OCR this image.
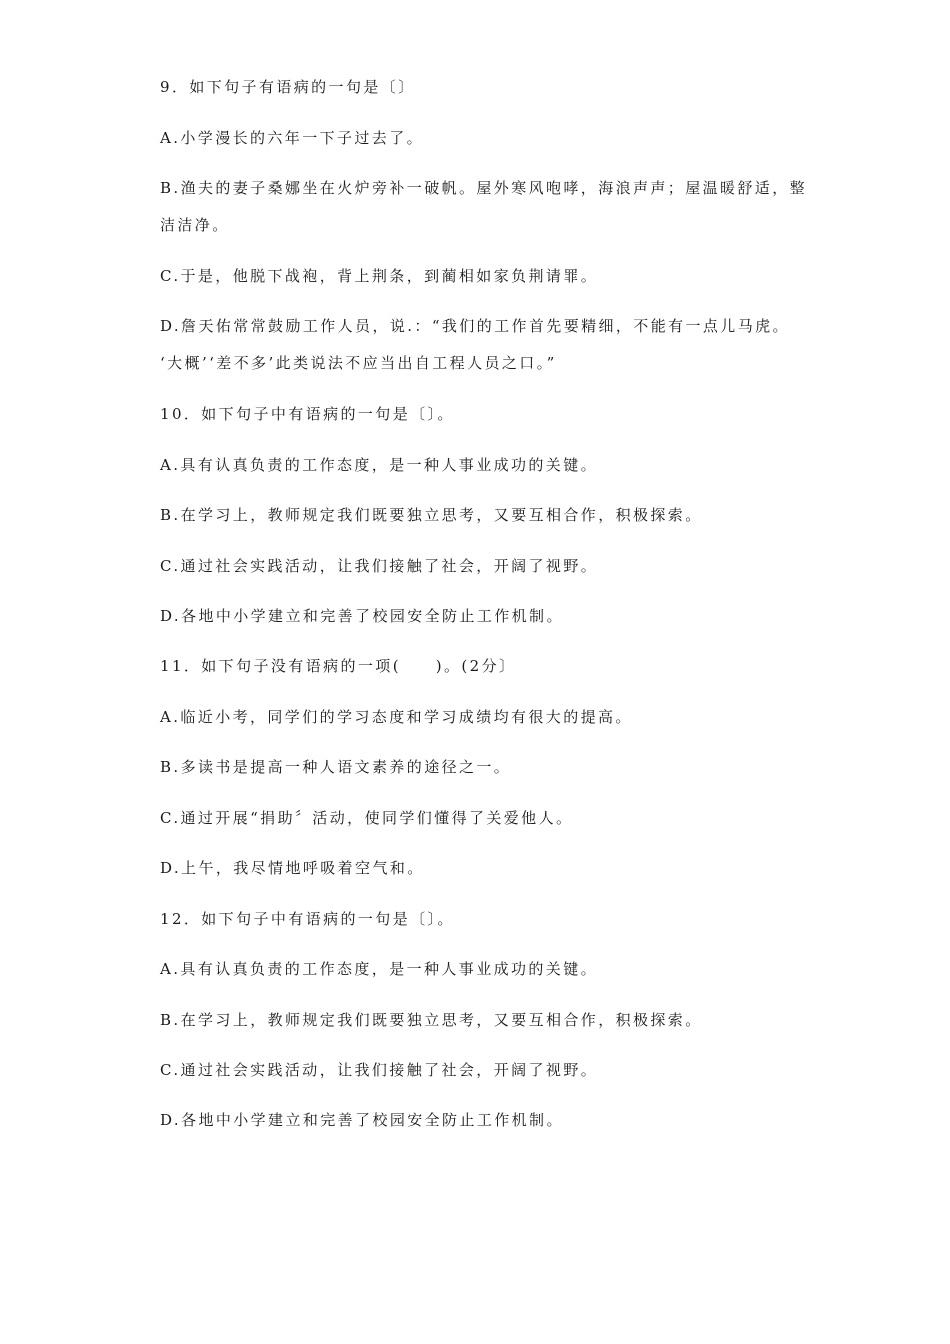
9．如下句子有语病的一句是〔〕
A.小学漫长的六年一下子过去了。
B.渔夫的妻子桑娜坐在火炉旁补一破帆。屋外寒风咆哮，海浪声声；屋温暖舒适，整
洁洁净。
C.于是，他脱下战袍，背上荆条，到蔺相如家负荆请罪。
D.詹天佑常常鼓励工作人员，说.：“我们的工作首先要精细，不能有一点儿马虎。
‘大概’‘差不多’此类说法不应当出自工程人员之口。”
10．如下句子中有语病的一句是〔〕。
A.具有认真负责的工作态度，是一种人事业成功的关键。
B.在学习上，教师规定我们既要独立思考，又要互相合作，积极探索。
C.通过社会实践活动，让我们接触了社会，开阔了视野。
D.各地中小学建立和完善了校园安全防止工作机制。
11．如下句子没有语病的一项(　　)。(2分〕
A.临近小考，同学们的学习态度和学习成绩均有很大的提高。
B.多读书是提高一种人语文素养的途径之一。
C.通过开展“捐助〞活动，使同学们懂得了关爱他人。
D.上午，我尽情地呼吸着空气和。
12．如下句子中有语病的一句是〔〕。
A.具有认真负责的工作态度，是一种人事业成功的关键。
B.在学习上，教师规定我们既要独立思考，又要互相合作，积极探索。
C.通过社会实践活动，让我们接触了社会，开阔了视野。
D.各地中小学建立和完善了校园安全防止工作机制。
